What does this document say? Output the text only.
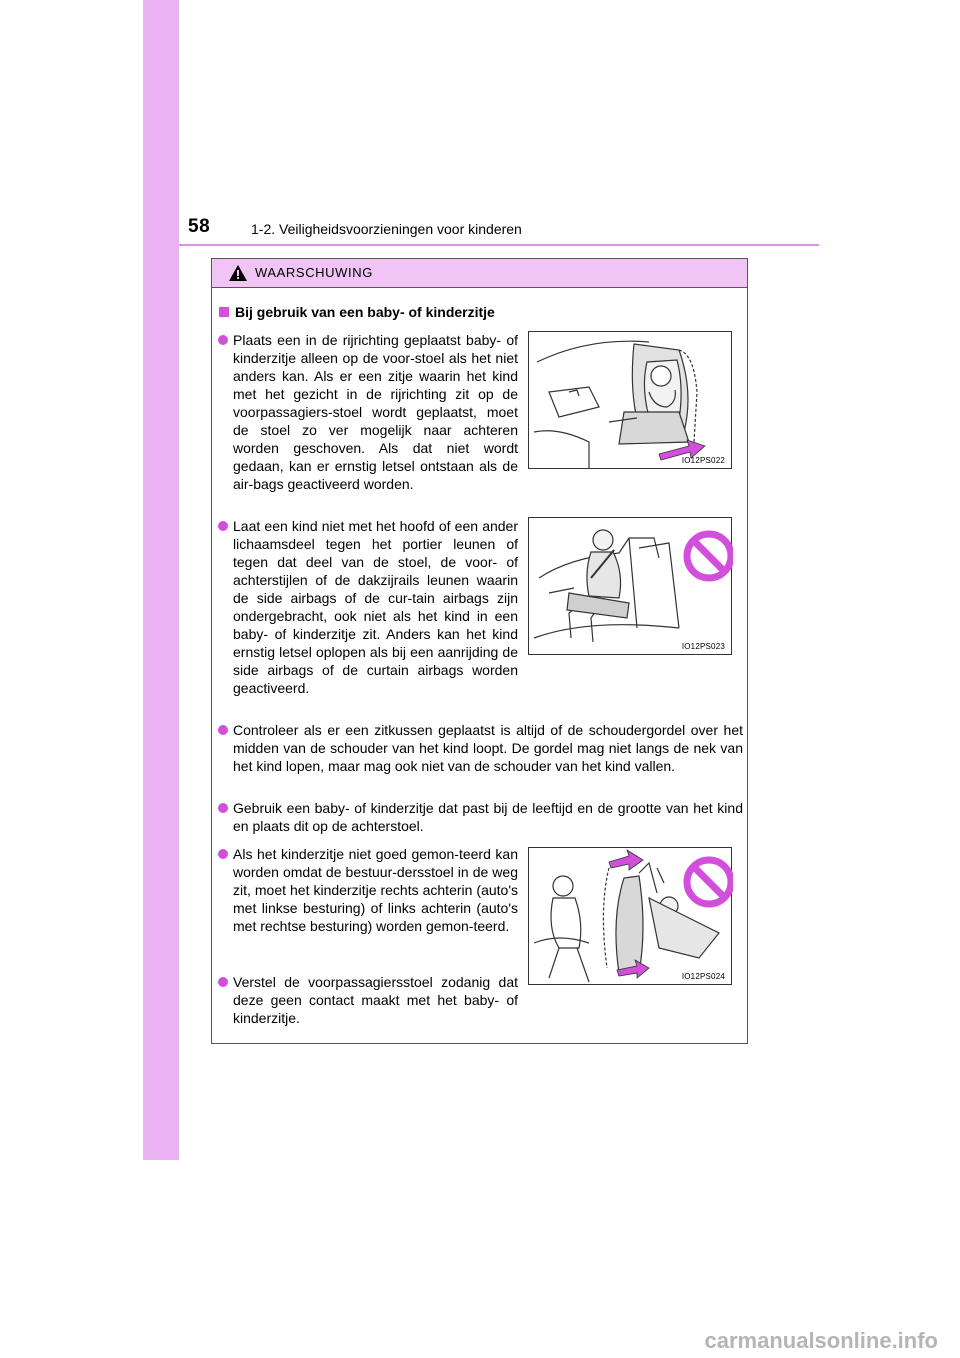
58	1-2. Veiligheidsvoorzieningen voor kinderen
WAARSCHUWING
Bij gebruik van een baby- of kinderzitje
Plaats een in de rijrichting geplaatst baby- of kinderzitje alleen op de voor-stoel als het niet anders kan. Als er een zitje waarin het kind met het gezicht in de rijrichting zit op de voorpassagiers-stoel wordt geplaatst, moet de stoel zo ver mogelijk naar achteren worden geschoven. Als dat niet wordt gedaan, kan er ernstig letsel ontstaan als de air-bags geactiveerd worden.
IO12PS022
Laat een kind niet met het hoofd of een ander lichaamsdeel tegen het portier leunen of tegen dat deel van de stoel, de voor- of achterstijlen of de dakzijrails leunen waarin de side airbags of de cur-tain airbags zijn ondergebracht, ook niet als het kind in een baby- of kinderzitje zit. Anders kan het kind ernstig letsel oplopen als bij een aanrijding de side airbags of de curtain airbags worden geactiveerd.
IO12PS023
Controleer als er een zitkussen geplaatst is altijd of de schoudergordel over het midden van de schouder van het kind loopt. De gordel mag niet langs de nek van het kind lopen, maar mag ook niet van de schouder van het kind vallen.
Gebruik een baby- of kinderzitje dat past bij de leeftijd en de grootte van het kind en plaats dit op de achterstoel.
Als het kinderzitje niet goed gemon-teerd kan worden omdat de bestuur-dersstoel in de weg zit, moet het kinderzitje rechts achterin (auto's met linkse besturing) of links achterin (auto's met rechtse besturing) worden gemon-teerd.
Verstel de voorpassagiersstoel zodanig dat deze geen contact maakt met het baby- of kinderzitje.
IO12PS024
carmanualsonline.info
